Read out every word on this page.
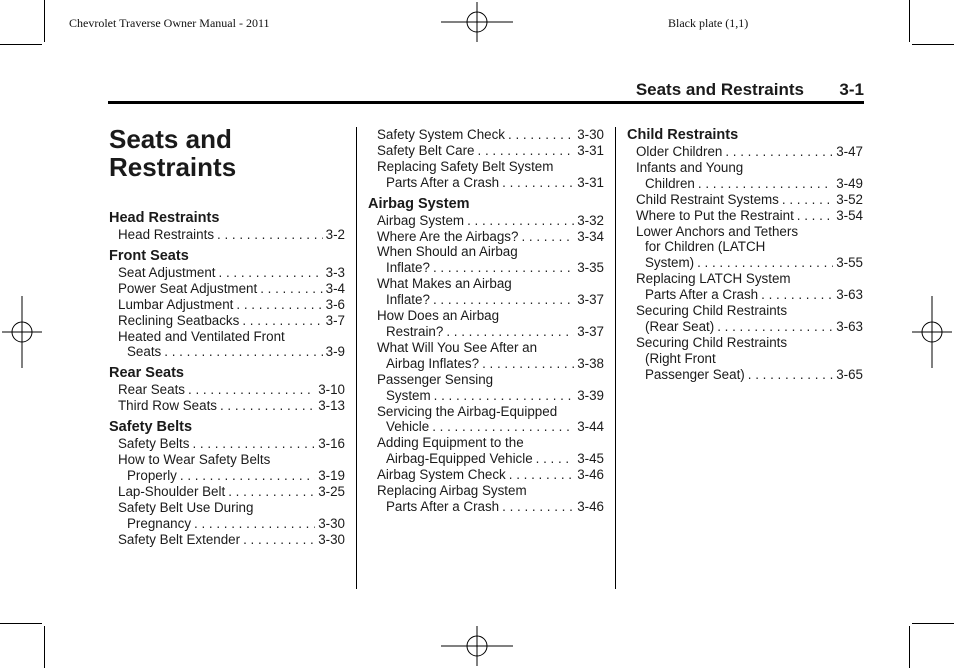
Chevrolet Traverse Owner Manual - 2011	Black plate (1,1)
Seats and Restraints 3-1
Seats and Restraints
Head Restraints
Head Restraints . . .	3-2
Front Seats
Seat Adjustment . . .	3-3
Power Seat Adjustment . . .	3-4
Lumbar Adjustment . . .	3-6
Reclining Seatbacks . . .	3-7
Heated and Ventilated Front
Seats . . .	3-9
Rear Seats
Rear Seats . . .	3-10
Third Row Seats . . .	3-13
Safety Belts
Safety Belts . . .	3-16
How to Wear Safety Belts
Properly . . .	3-19
Lap-Shoulder Belt . . .	3-25
Safety Belt Use During
Pregnancy . . .	3-30
Safety Belt Extender . . .	3-30
Safety System Check . . .	3-30
Safety Belt Care . . .	3-31
Replacing Safety Belt System
Parts After a Crash . . .	3-31
Airbag System
Airbag System . . .	3-32
Where Are the Airbags? . . .	3-34
When Should an Airbag
Inflate? . . .	3-35
What Makes an Airbag
Inflate? . . .	3-37
How Does an Airbag
Restrain? . . .	3-37
What Will You See After an
Airbag Inflates? . . .	3-38
Passenger Sensing
System . . .	3-39
Servicing the Airbag-Equipped
Vehicle . . .	3-44
Adding Equipment to the
Airbag-Equipped Vehicle . . .	3-45
Airbag System Check . . .	3-46
Replacing Airbag System
Parts After a Crash . . .	3-46
Child Restraints
Older Children . . .	3-47
Infants and Young
Children . . .	3-49
Child Restraint Systems . . .	3-52
Where to Put the Restraint . . .	3-54
Lower Anchors and Tethers
for Children (LATCH
System) . . .	3-55
Replacing LATCH System
Parts After a Crash . . .	3-63
Securing Child Restraints
(Rear Seat) . . .	3-63
Securing Child Restraints
(Right Front
Passenger Seat) . . .	3-65
